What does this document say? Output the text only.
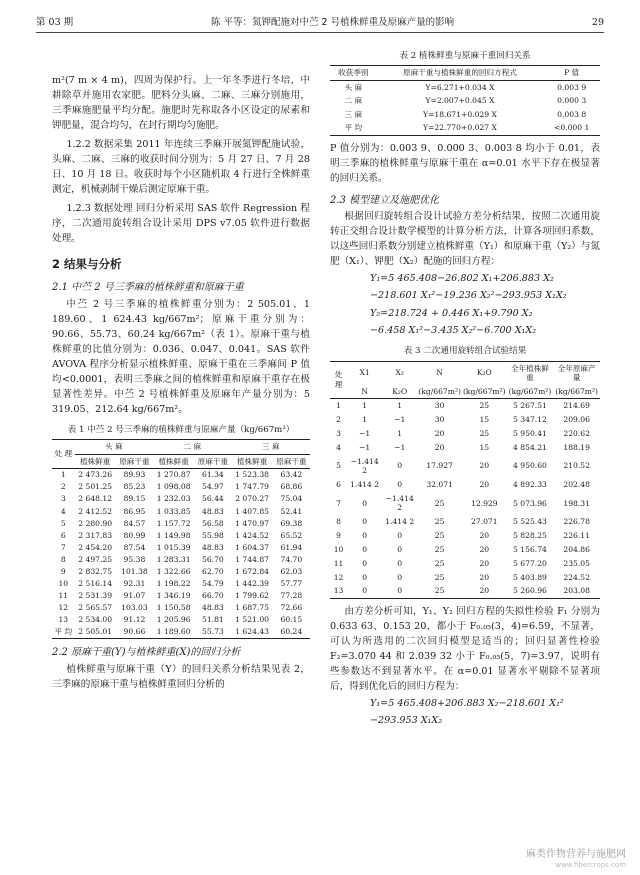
第 03 期	陈 平等：氮钾配施对中苎 2 号植株鲜重及原麻产量的影响	29

m²(7 m × 4 m)，四周为保护行。上一年冬季进行冬培，中耕除草并施用农家肥。肥料分头麻、二麻、三麻分别施用，三季麻施肥量平均分配。施肥时先称取各小区设定的尿素和钾肥量，混合均匀，在封行期均匀施肥。

1.2.2 数据采集 2011 年连续三季麻开展氮钾配施试验，头麻、二麻、三麻的收获时间分别为：5 月 27 日、7 月 28 日、10 月 18 日。收获时每个小区随机取 4 行进行全株鲜重测定，机械剥制干燥后测定原麻干重。

1.2.3 数据处理 回归分析采用 SAS 软件 Regression 程序，二次通用旋转组合设计采用 DPS v7.05 软件进行数据处理。

2 结果与分析
2.1 中苎 2 号三季麻的植株鲜重和原麻干重

中苎 2 号三季麻的植株鲜重分别为：2 505.01、1 189.60、1 624.43 kg/667m²；原麻干重分别为：90.66、55.73、60.24 kg/667m²（表 1）。原麻干重与植株鲜重的比值分别为：0.036、0.047、0.041。SAS 软件 AVOVA 程序分析显示植株鲜重、原麻干重在三季麻间 P 值均<0.0001，表明三季麻之间的植株鲜重和原麻干重存在极显著性差异。中苎 2 号植株鲜重及原麻年产量分别为：5 319.05、212.64 kg/667m²。

表 1 中苎 2 号三季麻的植株鲜重与原麻产量（kg/667m²）
处 理	头 麻		二 麻		三 麻	
	植株鲜重	原麻干重	植株鲜重	原麻干重	植株鲜重	原麻干重
1	2 473.26	89.93	1 270.87	61.34	1 523.38	63.42
2	2 501.25	85.23	1 098.08	54.97	1 747.79	68.86
3	2 648.12	89.15	1 232.03	56.44	2 070.27	75.04
4	2 412.52	86.95	1 033.85	48.83	1 407.85	52.41
5	2 280.90	84.57	1 157.72	56.58	1 470.97	69.38
6	2 317.83	80.99	1 149.98	55.98	1 424.52	65.52
7	2 454.20	87.54	1 015.39	48.83	1 604.37	61.94
8	2 497.25	95.38	1 283.31	56.70	1 744.87	74.70
9	2 832.75	101.38	1 322.66	62.70	1 672.84	62.03
10	2 516.14	92.31	1 198.22	54.79	1 442.39	57.77
11	2 531.39	91.07	1 346.19	66.70	1 799.62	77.28
12	2 565.57	103.03	1 150.58	48.83	1 687.75	72.66
13	2 534.00	91.12	1 205.96	51.81	1 521.00	60.15
平 均	2 505.01	90.66	1 189.60	55.73	1 624.43	60.24
2.2 原麻干重(Y)与植株鲜重(X)的回归分析

植株鲜重与原麻干重（Y）的回归关系分析结果见表 2，三季麻的原麻干重与植株鲜重回归分析的

表 2 植株鲜重与原麻干重回归关系
收获季别	原麻干重与植株鲜重的回归方程式	P 值
头 麻	Y=6.271+0.034 X	0.003 9
二 麻	Y=2.007+0.045 X	0.000 3
三 麻	Y=18.671+0.029 X	0.003 8
平 均	Y=22.770+0.027 X	<0.000 1

P 值分别为：0.003 9、0.000 3、0.003 8 均小于 0.01，表明三季麻的植株鲜重与原麻干重在 α=0.01 水平下存在极显著的回归关系。

2.3 模型建立及施肥优化

根据回归旋转组合设计试验方差分析结果，按照二次通用旋转正交组合设计数学模型的计算分析方法，计算各项回归系数，以这些回归系数分别建立植株鲜重（Y₁）和原麻干重（Y₂）与氮肥（X₁）、钾肥（X₂）配施的回归方程：

Y₁=5 465.408−26.802 X₁+206.883 X₂
−218.601 X₁²−19.236 X₂²−293.953 X₁X₂
Y₂=218.724 + 0.446 X₁+9.790 X₂
−6.458 X₁²−3.435 X₂²−6.700 X₁X₂
表 3 二次通用旋转组合试验结果
处 理	X1	X₂	N	K₂O	全年植株鲜重	全年原麻产量
	N	K₂O	(kg/667m²)	(kg/667m²)	(kg/667m²)	(kg/667m²)
1	1	1	30	25	5 267.51	214.69
2	1	−1	30	15	5 347.12	209.06
3	−1	1	20	25	5 950.41	220.62
4	−1	−1	20	15	4 854.21	188.19
5	−1.414 2	0	17.927	20	4 950.60	210.52
6	1.414 2	0	32.071	20	4 892.33	202.48
7	0	−1.414 2	25	12.929	5 073.96	198.31
8	0	1.414 2	25	27.071	5 525.43	226.78
9	0	0	25	20	5 828.25	226.11
10	0	0	25	20	5 156.74	204.86
11	0	0	25	20	5 677.20	235.05
12	0	0	25	20	5 403.89	224.52
13	0	0	25	20	5 260.96	203.08

由方差分析可知，Y₁、Y₂ 回归方程的失拟性检验 F₁ 分别为 0.633 63、0.153 20，都小于 F₀.₀₅(3，4)=6.59，不显著，可认为所选用的二次回归模型是适当的；回归显著性检验 F₂=3.070 44 和 2.039 32 小于 F₀.₀₅(5，7)=3.97，说明有些参数达不到显著水平。在 α=0.01 显著水平剔除不显著项后，得到优化后的回归方程为：

Y₁=5 465.408+206.883 X₂−218.601 X₁²
−293.953 X₁X₂
麻类作物营养与施肥网
www.fibercrops.com
